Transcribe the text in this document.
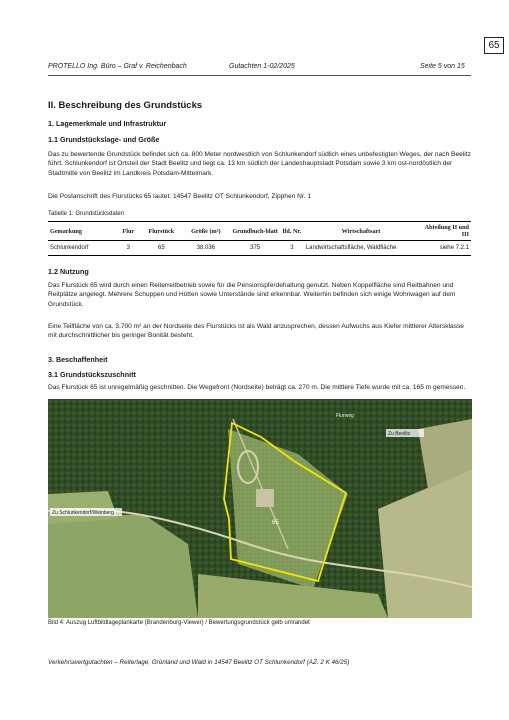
65
PROTELLO Ing. Büro – Graf v. Reichenbach	Gutachten 1-02/2025	Seite 5 von 15
II. Beschreibung des Grundstücks
1. Lagemerkmale und Infrastruktur
1.1 Grundstückslage- und Größe

Das zu bewertende Grundstück befindet sich ca. 800 Meter nordwestlich von Schlunkendorf südlich eines unbefestigten Weges, der nach Beelitz führt. Schlunkendorf ist Ortsteil der Stadt Beelitz und liegt ca. 13 km südlich der Landeshauptstadt Potsdam sowie 3 km ost-nordöstlich der Stadtmitte von Beelitz im Landkreis Potsdam-Mittelmark.

Die Postanschrift des Flurstücks 65 lautet: 14547 Beelitz OT Schlunkendorf, Zipphen Nr. 1

Tabelle 1: Grundstücksdaten
Gemarkung	Flur	Flurstück	Größe (m²)	Grundbuch-blatt	lfd. Nr.	Wirtschaftsart	Abteilung II und III
Schlunkendorf	3	65	38.036	375	3	Landwirtschaftsfläche, Waldfläche	siehe 7.2.1
1.2 Nutzung

Das Flurstück 65 wird durch einen Reiterreitbetrieb sowie für die Pensionspferdehaltung genutzt. Neben Koppelfläche sind Reitbahnen und Reitplätze angelegt. Mehrere Schuppen und Hütten sowie Unterstände sind erkennbar. Weiterhin befinden sich einige Wohnwagen auf dem Grundstück.

Eine Teilfläche von ca. 3.700 m² an der Nordseite des Flurstücks ist als Wald anzusprechen, dessen Aufwuchs aus Kiefer mittlerer Altersklasse mit durchschnittlicher bis geringer Bonität besteht.

3. Beschaffenheit
3.1 Grundstückszuschnitt
Zu Beelitz
Zu Schlunkendorf/Weinberg
Flurweg
65
Bild 4: Auszug Luftbildlageplankarte (Brandenburg-Viewer) / Bewertungsgrundstück gelb umrandet
Verkehrswertgutachten – Reiterlage, Grünland und Wald in 14547 Beelitz OT Schlunkendorf (AZ. 2 K 46/25)

Das Flurstück 65 ist unregelmäßig geschnitten. Die Wegefront (Nordseite) beträgt ca. 270 m. Die mittlere Tiefe wurde mit ca. 165 m gemessen.
